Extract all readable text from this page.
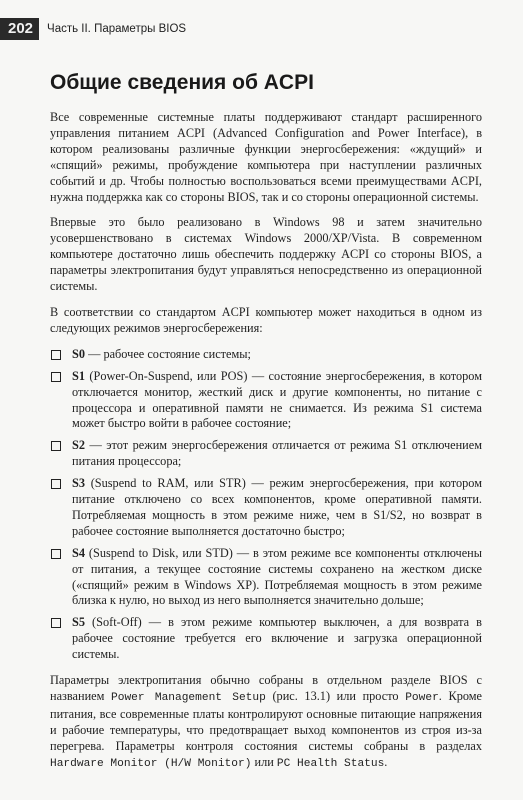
202	Часть II. Параметры BIOS
Общие сведения об ACPI

Все современные системные платы поддерживают стандарт расширенного управления питанием ACPI (Advanced Configuration and Power Interface), в котором реализованы различные функции энергосбережения: «ждущий» и «спящий» режимы, пробуждение компьютера при наступлении различных событий и др. Чтобы полностью воспользоваться всеми преимуществами ACPI, нужна поддержка как со стороны BIOS, так и со стороны операционной системы.

Впервые это было реализовано в Windows 98 и затем значительно усовершенствовано в системах Windows 2000/XP/Vista. В современном компьютере достаточно лишь обеспечить поддержку ACPI со стороны BIOS, а параметры электропитания будут управляться непосредственно из операционной системы.

В соответствии со стандартом ACPI компьютер может находиться в одном из следующих режимов энергосбережения:

S0 — рабочее состояние системы;
S1 (Power-On-Suspend, или POS) — состояние энергосбережения, в котором отключается монитор, жесткий диск и другие компоненты, но питание с процессора и оперативной памяти не снимается. Из режима S1 система может быстро войти в рабочее состояние;
S2 — этот режим энергосбережения отличается от режима S1 отключением питания процессора;
S3 (Suspend to RAM, или STR) — режим энергосбережения, при котором питание отключено со всех компонентов, кроме оперативной памяти. Потребляемая мощность в этом режиме ниже, чем в S1/S2, но возврат в рабочее состояние выполняется достаточно быстро;
S4 (Suspend to Disk, или STD) — в этом режиме все компоненты отключены от питания, а текущее состояние системы сохранено на жестком диске («спящий» режим в Windows XP). Потребляемая мощность в этом режиме близка к нулю, но выход из него выполняется значительно дольше;
S5 (Soft-Off) — в этом режиме компьютер выключен, а для возврата в рабочее состояние требуется его включение и загрузка операционной системы.

Параметры электропитания обычно собраны в отдельном разделе BIOS с названием Power Management Setup (рис. 13.1) или просто Power. Кроме питания, все современные платы контролируют основные питающие напряжения и рабочие температуры, что предотвращает выход компонентов из строя из-за перегрева. Параметры контроля состояния системы собраны в разделах Hardware Monitor (H/W Monitor) или PC Health Status.
